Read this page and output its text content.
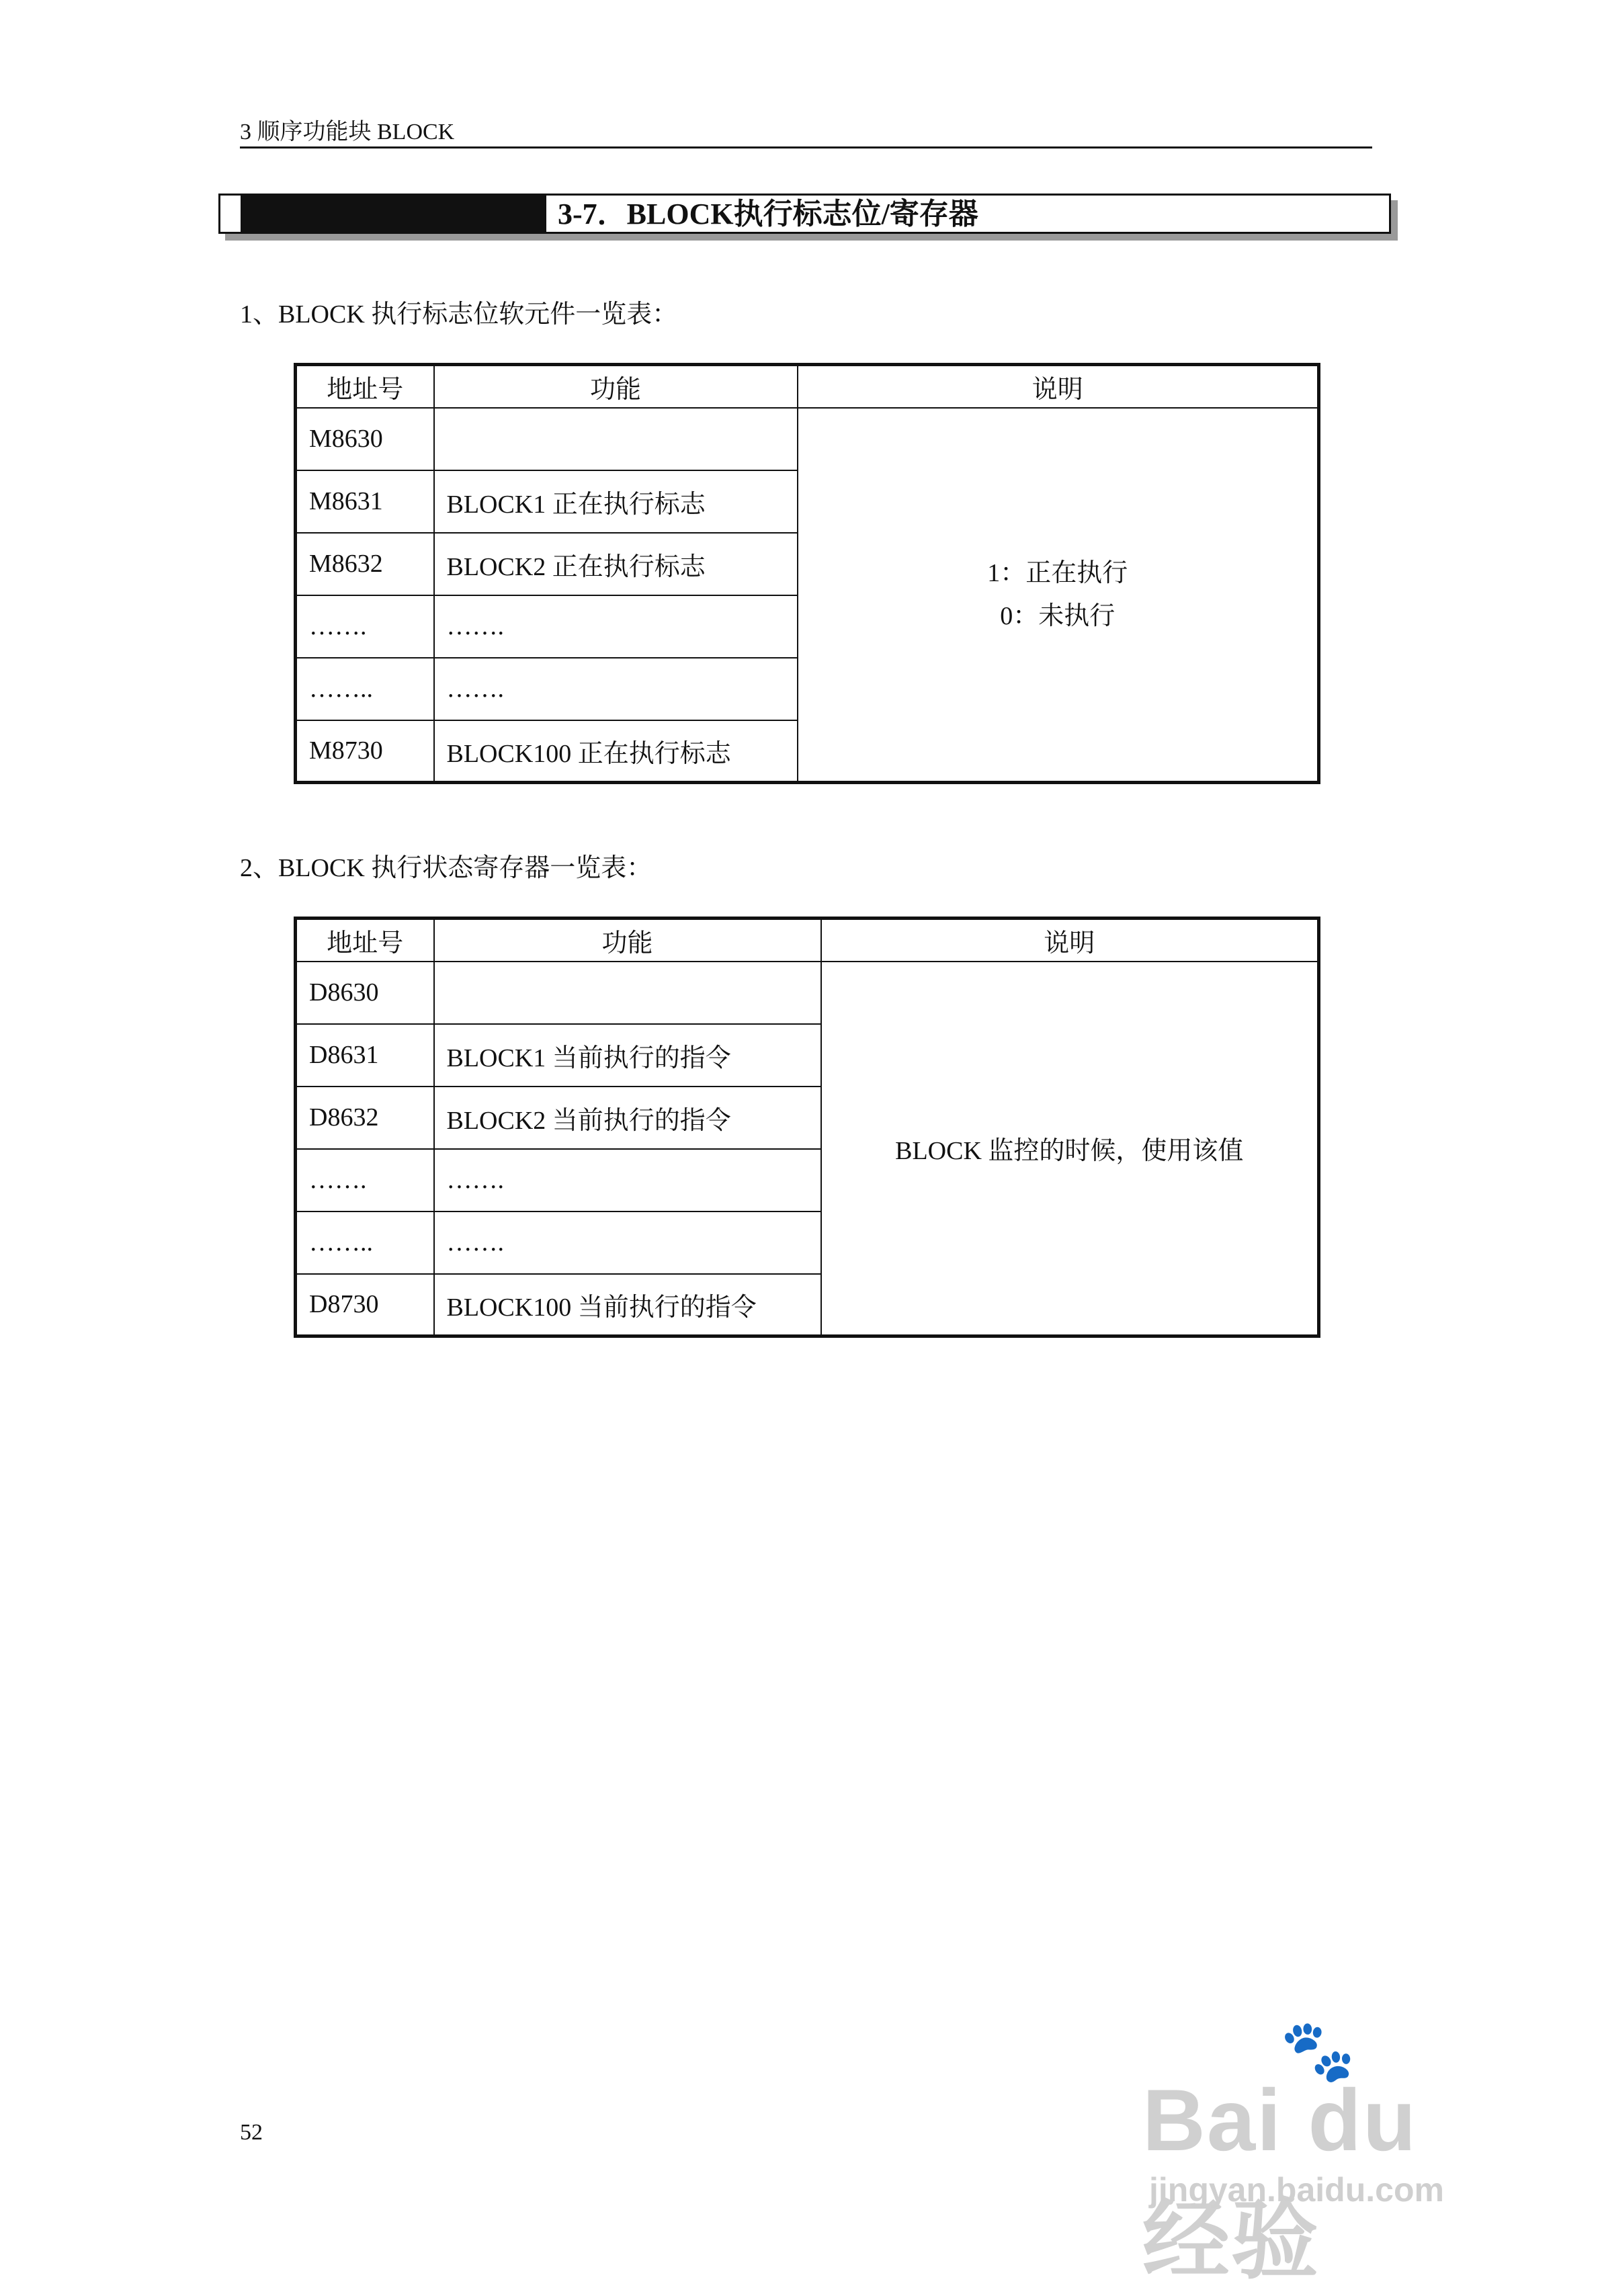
3 顺序功能块 BLOCK
3-7．BLOCK执行标志位/寄存器
1、BLOCK 执行标志位软元件一览表：
地址号	功能	说明
M8630		1：正在执行
0：未执行

M8631	BLOCK1 正在执行标志	
M8632	BLOCK2 正在执行标志	
…….	…….	
……..	…….	
M8730	BLOCK100 正在执行标志	
2、BLOCK 执行状态寄存器一览表：
地址号	功能	说明
D8630		BLOCK 监控的时候，使用该值
D8631	BLOCK1 当前执行的指令	
D8632	BLOCK2 当前执行的指令	
…….	…….	
……..	…….	
D8730	BLOCK100 当前执行的指令	
52
🐾
Bai du 经验
jingyan.baidu.com
